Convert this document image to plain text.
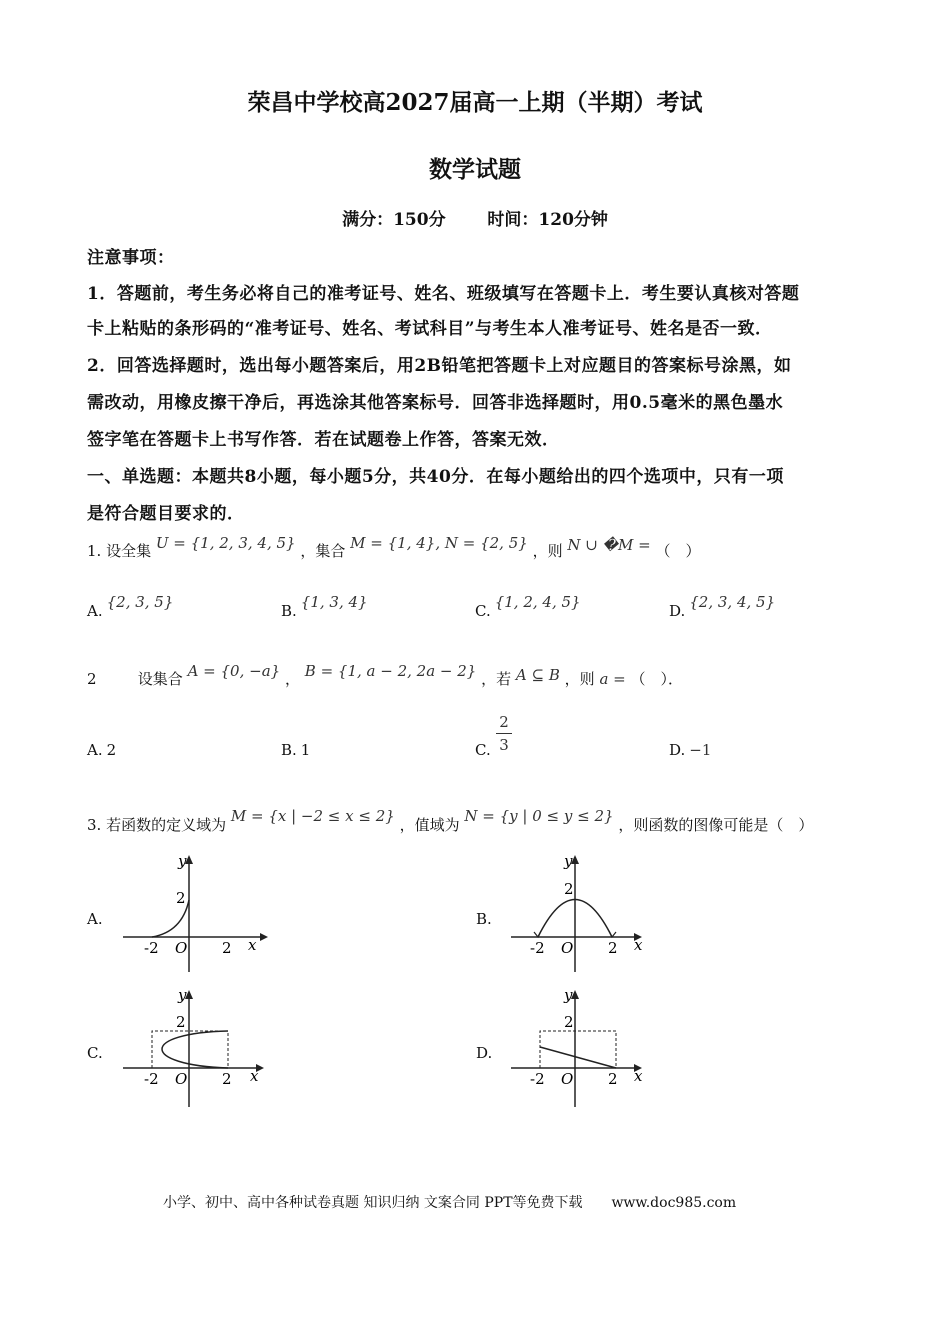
荣昌中学校高2027届高一上期（半期）考试
数学试题
满分：150分 时间：120分钟
注意事项：
1．答题前，考生务必将自己的准考证号、姓名、班级填写在答题卡上．考生要认真核对答题
卡上粘贴的条形码的“准考证号、姓名、考试科目”与考生本人准考证号、姓名是否一致．
2．回答选择题时，选出每小题答案后，用2B铅笔把答题卡上对应题目的答案标号涂黑，如
需改动，用橡皮擦干净后，再选涂其他答案标号．回答非选择题时，用0.5毫米的黑色墨水
签字笔在答题卡上书写作答．若在试题卷上作答，答案无效．
一、单选题：本题共8小题，每小题5分，共40分．在每小题给出的四个选项中，只有一项
是符合题目要求的．
1. 设全集 U = {1, 2, 3, 4, 5} ，集合 M = {1, 4}, N = {2, 5} ，则 N ∪ �M = （　）
A. {2, 3, 5}	B. {1, 3, 4}	C. {1, 2, 4, 5}	D. {2, 3, 4, 5}
2	设集合 A = {0, −a} ， B = {1, a − 2, 2a − 2} ，若 A ⊆ B ，则 a = （　）．
A. 2	B. 1	C.
2
3	D. −1
3. 若函数的定义域为 M = {x | −2 ≤ x ≤ 2} ，值域为 N = {y | 0 ≤ y ≤ 2} ，则函数的图像可能是（　）
A.	B.
C.	D.
y
2
-2 O 2 x
y
2
-2 O 2 x
y
2
-2 O 2 x
y
2
-2 O 2 x
小学、初中、高中各种试卷真题 知识归纳 文案合同 PPT等免费下载 www.doc985.com
